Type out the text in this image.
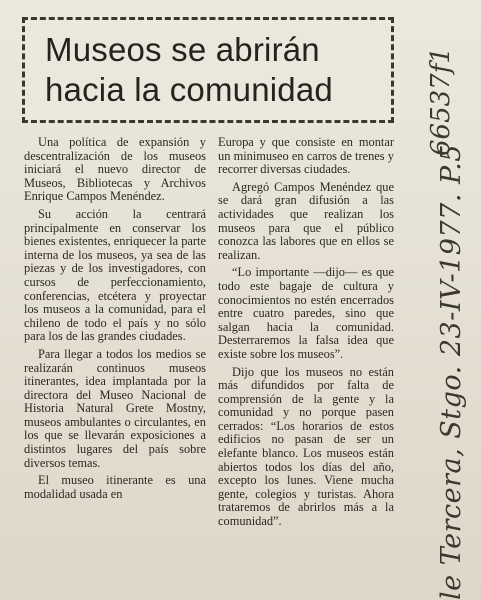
Museos se abrirán
hacia la comunidad

Una política de expansión y descentralización de los museos iniciará el nuevo director de Museos, Bibliotecas y Archivos Enrique Campos Menéndez.

Su acción la centrará principalmente en conservar los bienes existentes, enriquecer la parte interna de los museos, ya sea de las piezas y de los investigadores, con cursos de perfeccionamiento, conferencias, etcétera y proyectar los museos a la comunidad, para el chileno de todo el país y no sólo para los de las grandes ciudades.

Para llegar a todos los medios se realizarán continuos museos itinerantes, idea implantada por la directora del Museo Nacional de Historia Natural Grete Mostny, museos ambulantes o circulantes, en los que se llevarán exposiciones a distintos lugares del país sobre diversos temas.

El museo itinerante es una modalidad usada en

Europa y que consiste en montar un minimuseo en carros de trenes y recorrer diversas ciudades.

Agregó Campos Menéndez que se dará gran difusión a las actividades que realizan los museos para que el público conozca las labores que en ellos se realizan.

“Lo importante —dijo— es que todo este bagaje de cultura y conocimientos no estén encerrados entre cuatro paredes, sino que salgan hacia la comunidad. Desterraremos la falsa idea que existe sobre los museos”.

Dijo que los museos no están más difundidos por falta de comprensión de la gente y la comunidad y no porque pasen cerrados: “Los horarios de estos edificios no pasan de ser un elefante blanco. Los museos están abiertos todos los días del año, excepto los lunes. Viene mucha gente, colegios y turistas. Ahora trataremos de abrirlos más a la comunidad”.

66537f1
le Tercera, Stgo. 23-IV-1977. P.5
